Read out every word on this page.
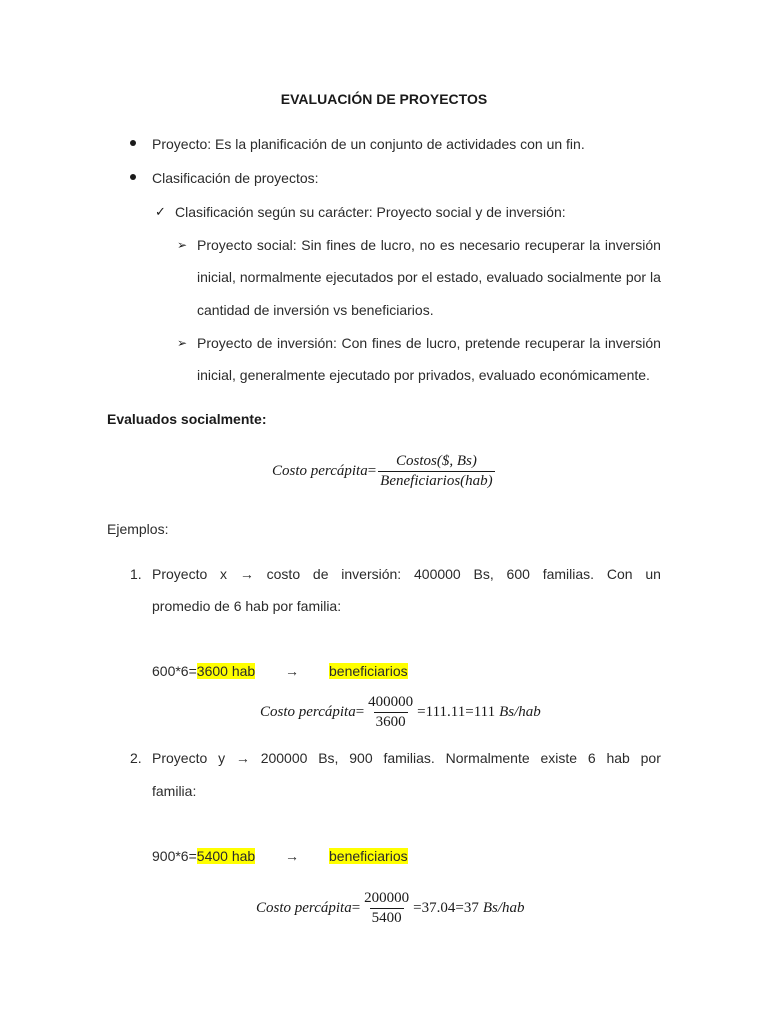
EVALUACIÓN DE PROYECTOS
Proyecto: Es la planificación de un conjunto de actividades con un fin.
Clasificación de proyectos:
✓ Clasificación según su carácter: Proyecto social y de inversión:
➢ Proyecto social: Sin fines de lucro, no es necesario recuperar la inversión
inicial, normalmente ejecutados por el estado, evaluado socialmente por la
cantidad de inversión vs beneficiarios.
➢ Proyecto de inversión: Con fines de lucro, pretende recuperar la inversión
inicial, generalmente ejecutado por privados, evaluado económicamente.
Evaluados socialmente:
Costo percápita = $\frac{\text{Costos(\$, Bs)}}{\text{Beneficiarios(hab)}}$
Ejemplos:
1. Proyecto x → costo de inversión: 400000 Bs, 600 familias. Con un
promedio de 6 hab por familia:
600*6=3600 hab → beneficiarios
Costo percápita = $\frac{400000}{3600} = 111.11 = 111$ Bs/hab
2. Proyecto y → 200000 Bs, 900 familias. Normalmente existe 6 hab por
familia:
900*6=5400 hab → beneficiarios
Costo percápita = $\frac{200000}{5400} = 37.04 = 37$ Bs/hab
